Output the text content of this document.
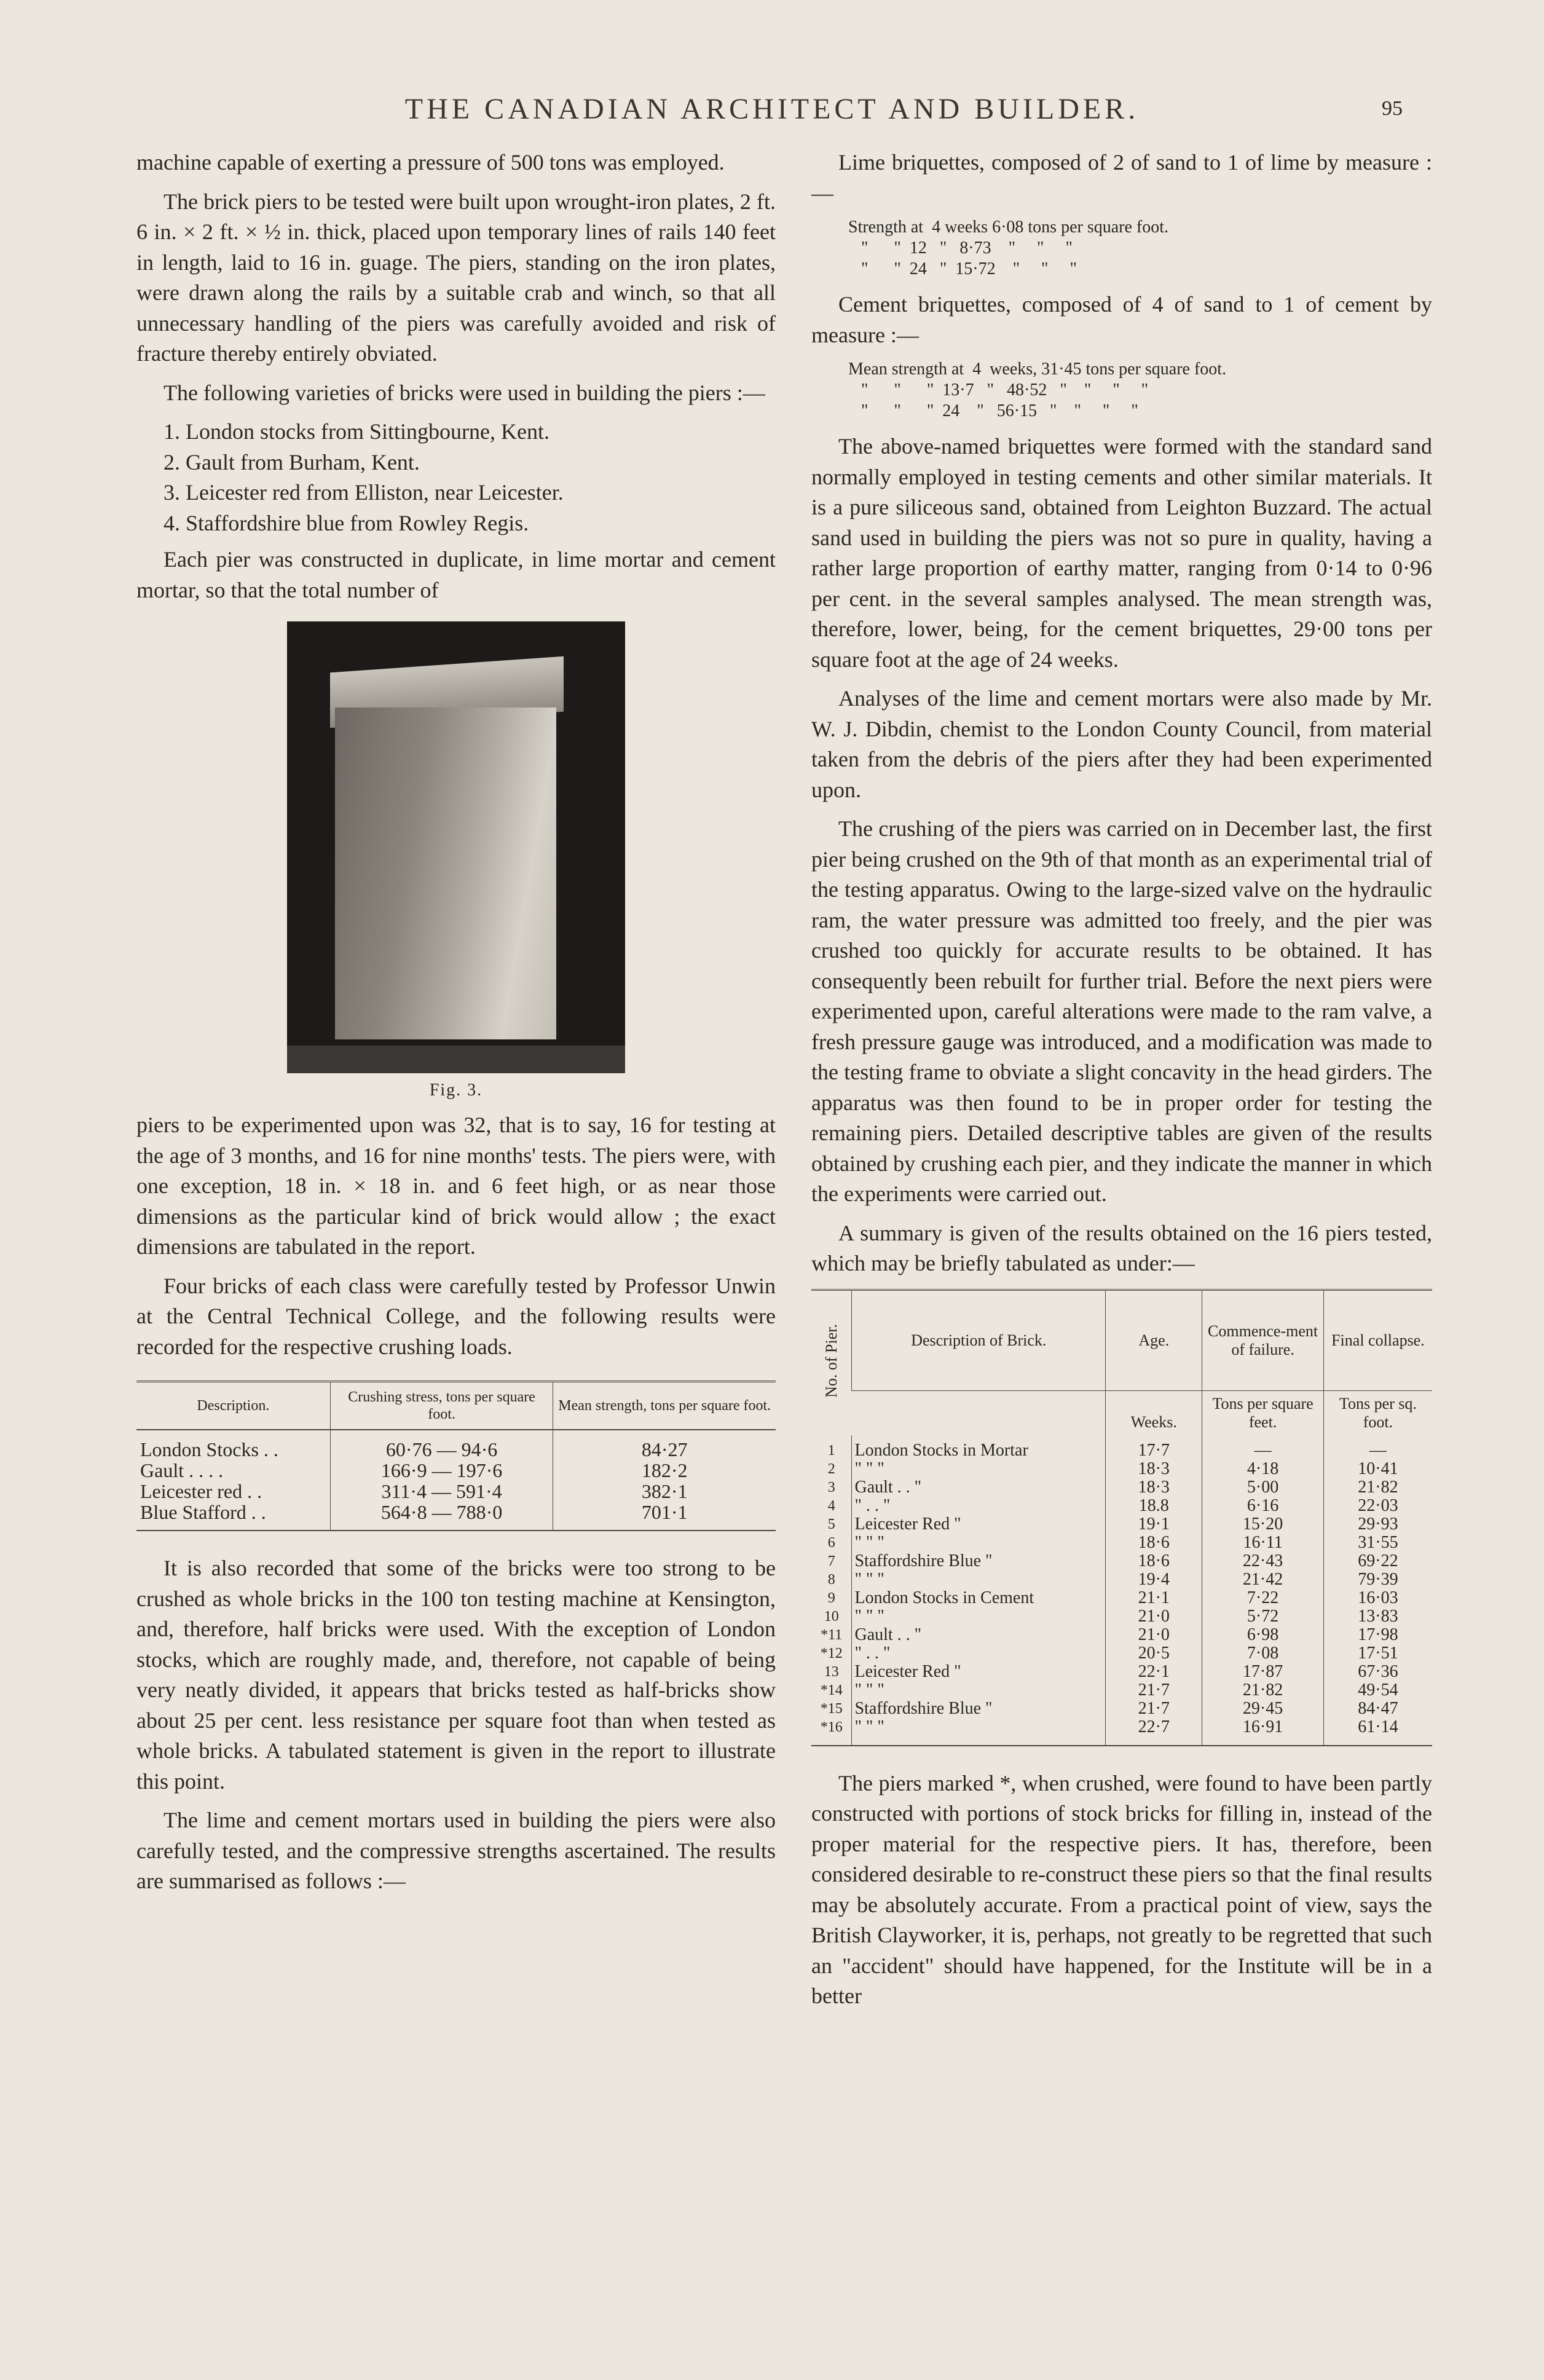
THE CANADIAN ARCHITECT AND BUILDER.	95

machine capable of exerting a pressure of 500 tons was employed.

The brick piers to be tested were built upon wrought-iron plates, 2 ft. 6 in. × 2 ft. × ½ in. thick, placed upon temporary lines of rails 140 feet in length, laid to 16 in. guage. The piers, standing on the iron plates, were drawn along the rails by a suitable crab and winch, so that all unnecessary handling of the piers was carefully avoided and risk of fracture thereby entirely obviated.

The following varieties of bricks were used in building the piers :—

1. London stocks from Sittingbourne, Kent.
2. Gault from Burham, Kent.
3. Leicester red from Elliston, near Leicester.
4. Staffordshire blue from Rowley Regis.

Each pier was constructed in duplicate, in lime mortar and cement mortar, so that the total number of

Fig. 3.

piers to be experimented upon was 32, that is to say, 16 for testing at the age of 3 months, and 16 for nine months' tests. The piers were, with one exception, 18 in. × 18 in. and 6 feet high, or as near those dimensions as the particular kind of brick would allow ; the exact dimensions are tabulated in the report.

Four bricks of each class were carefully tested by Professor Unwin at the Central Technical College, and the following results were recorded for the respective crushing loads.

Description.	Crushing stress, tons per square foot.	Mean strength, tons per square foot.
London Stocks . .	60·76 — 94·6	84·27
Gault . . . .	166·9 — 197·6	182·2
Leicester red . .	311·4 — 591·4	382·1
Blue Stafford . .	564·8 — 788·0	701·1

It is also recorded that some of the bricks were too strong to be crushed as whole bricks in the 100 ton testing machine at Kensington, and, therefore, half bricks were used. With the exception of London stocks, which are roughly made, and, therefore, not capable of being very neatly divided, it appears that bricks tested as half-bricks show about 25 per cent. less resistance per square foot than when tested as whole bricks. A tabulated statement is given in the report to illustrate this point.

The lime and cement mortars used in building the piers were also carefully tested, and the compressive strengths ascertained. The results are summarised as follows :—

Lime briquettes, composed of 2 of sand to 1 of lime by measure :—

Strength at  4 weeks 6·08 tons per square foot.
"      "  12   "   8·73    "     "     "
"      "  24   "  15·72    "     "     "

Cement briquettes, composed of 4 of sand to 1 of cement by measure :—

Mean strength at  4  weeks, 31·45 tons per square foot.
"      "      "  13·7   "   48·52   "    "     "     "
"      "      "  24    "   56·15   "    "     "     "

The above-named briquettes were formed with the standard sand normally employed in testing cements and other similar materials. It is a pure siliceous sand, obtained from Leighton Buzzard. The actual sand used in building the piers was not so pure in quality, having a rather large proportion of earthy matter, ranging from 0·14 to 0·96 per cent. in the several samples analysed. The mean strength was, therefore, lower, being, for the cement briquettes, 29·00 tons per square foot at the age of 24 weeks.

Analyses of the lime and cement mortars were also made by Mr. W. J. Dibdin, chemist to the London County Council, from material taken from the debris of the piers after they had been experimented upon.

The crushing of the piers was carried on in December last, the first pier being crushed on the 9th of that month as an experimental trial of the testing apparatus. Owing to the large-sized valve on the hydraulic ram, the water pressure was admitted too freely, and the pier was crushed too quickly for accurate results to be obtained. It has consequently been rebuilt for further trial. Before the next piers were experimented upon, careful alterations were made to the ram valve, a fresh pressure gauge was introduced, and a modification was made to the testing frame to obviate a slight concavity in the head girders. The apparatus was then found to be in proper order for testing the remaining piers. Detailed descriptive tables are given of the results obtained by crushing each pier, and they indicate the manner in which the experiments were carried out.

A summary is given of the results obtained on the 16 piers tested, which may be briefly tabulated as under:—

No. of Pier.	Description of Brick.	Age.	Commence-ment of failure.	Final collapse.
		Weeks.	Tons per square feet.	Tons per sq. foot.
1	London Stocks in Mortar	17·7	—	—
2	" " "	18·3	4·18	10·41
3	Gault . . "	18·3	5·00	21·82
4	" . . "	18.8	6·16	22·03
5	Leicester Red "	19·1	15·20	29·93
6	" " "	18·6	16·11	31·55
7	Staffordshire Blue "	18·6	22·43	69·22
8	" " "	19·4	21·42	79·39
9	London Stocks in Cement	21·1	7·22	16·03
10	" " "	21·0	5·72	13·83
*11	Gault . . "	21·0	6·98	17·98
*12	" . . "	20·5	7·08	17·51
13	Leicester Red "	22·1	17·87	67·36
*14	" " "	21·7	21·82	49·54
*15	Staffordshire Blue "	21·7	29·45	84·47
*16	" " "	22·7	16·91	61·14

The piers marked *, when crushed, were found to have been partly constructed with portions of stock bricks for filling in, instead of the proper material for the respective piers. It has, therefore, been considered desirable to re-construct these piers so that the final results may be absolutely accurate. From a practical point of view, says the British Clayworker, it is, perhaps, not greatly to be regretted that such an "accident" should have happened, for the Institute will be in a better
